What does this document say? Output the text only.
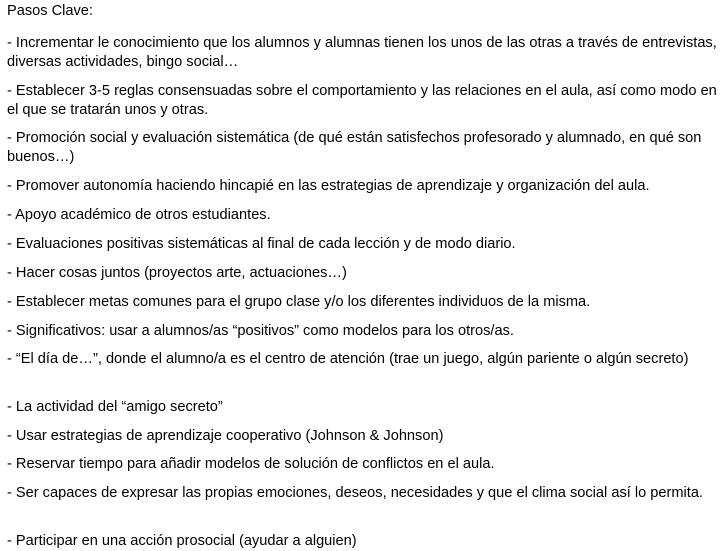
Pasos Clave:
- Incrementar le conocimiento que los alumnos y alumnas tienen los unos de las otras a través de entrevistas, diversas actividades, bingo social…
- Establecer 3-5 reglas consensuadas sobre el comportamiento y las relaciones en el aula, así como modo en el que se tratarán unos y otras.
- Promoción social y evaluación sistemática (de qué están satisfechos profesorado y alumnado, en qué son buenos…)
- Promover autonomía haciendo hincapié en las estrategias de aprendizaje y organización del aula.
- Apoyo académico de otros estudiantes.
- Evaluaciones positivas sistemáticas al final de cada lección y de modo diario.
- Hacer cosas juntos (proyectos arte, actuaciones…)
- Establecer metas comunes para el grupo clase y/o los diferentes individuos de la misma.
- Significativos: usar a alumnos/as “positivos” como modelos para los otros/as.
- “El día de…”, donde el alumno/a es el centro de atención (trae un juego, algún pariente o algún secreto)
- La actividad del “amigo secreto”
- Usar estrategias de aprendizaje cooperativo (Johnson & Johnson)
- Reservar tiempo para añadir modelos de solución de conflictos en el aula.
- Ser capaces de expresar las propias emociones, deseos, necesidades y que el clima social así lo permita.
- Participar en una acción prosocial (ayudar a alguien)
